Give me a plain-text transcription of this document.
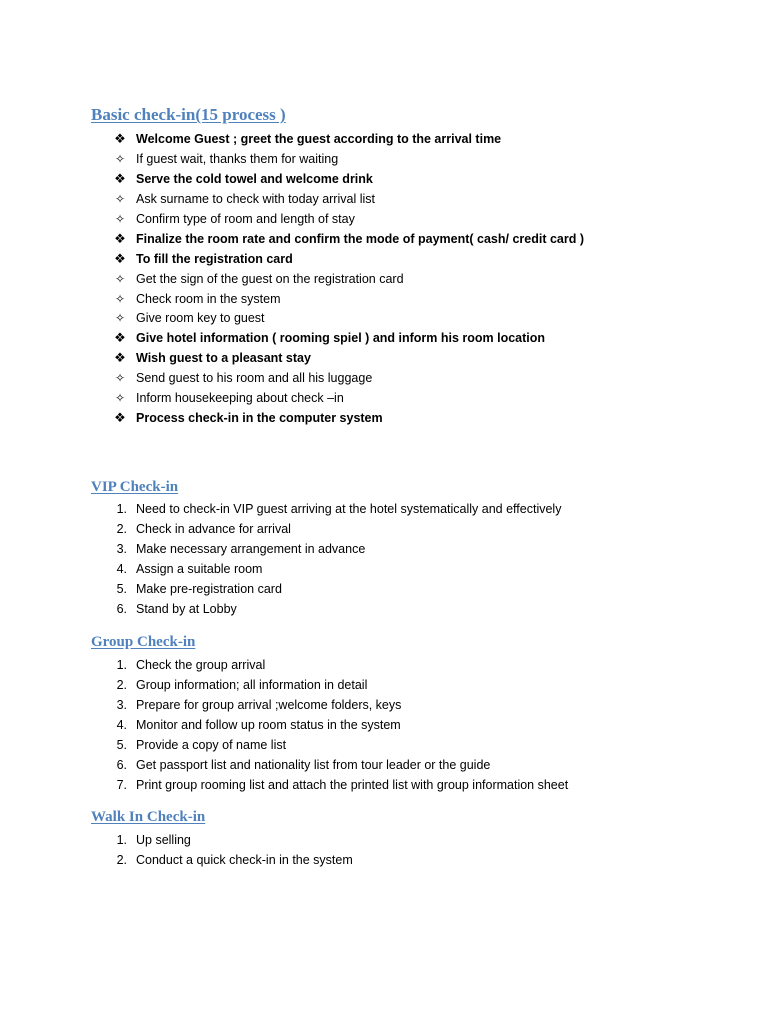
Basic check-in(15 process )
❖ Welcome Guest ; greet the guest according to the arrival time
✧ If guest wait, thanks them for waiting
❖ Serve the cold towel and welcome drink
✧ Ask surname to check with today arrival list
✧ Confirm type of room and length of stay
❖ Finalize the room rate and confirm the mode of payment( cash/ credit card )
❖ To fill the registration card
✧ Get the sign of the guest on the registration card
✧ Check room in the system
✧ Give room key to guest
❖ Give hotel information ( rooming spiel ) and inform his room location
❖ Wish guest to a pleasant stay
✧ Send guest to his room and all his luggage
✧ Inform housekeeping about check –in
❖ Process check-in in the computer system
VIP Check-in
1. Need to check-in VIP guest arriving at the hotel systematically and effectively
2. Check in advance for arrival
3. Make necessary arrangement in advance
4. Assign a suitable room
5. Make pre-registration card
6. Stand by at Lobby
Group Check-in
1. Check the group arrival
2. Group information; all information in detail
3. Prepare for group arrival ;welcome folders, keys
4. Monitor and follow up room status in the system
5. Provide a copy of name list
6. Get passport list and nationality list from tour leader or the guide
7. Print group rooming list and attach the printed list with group information sheet
Walk In Check-in
1. Up selling
2. Conduct a quick check-in in the system
